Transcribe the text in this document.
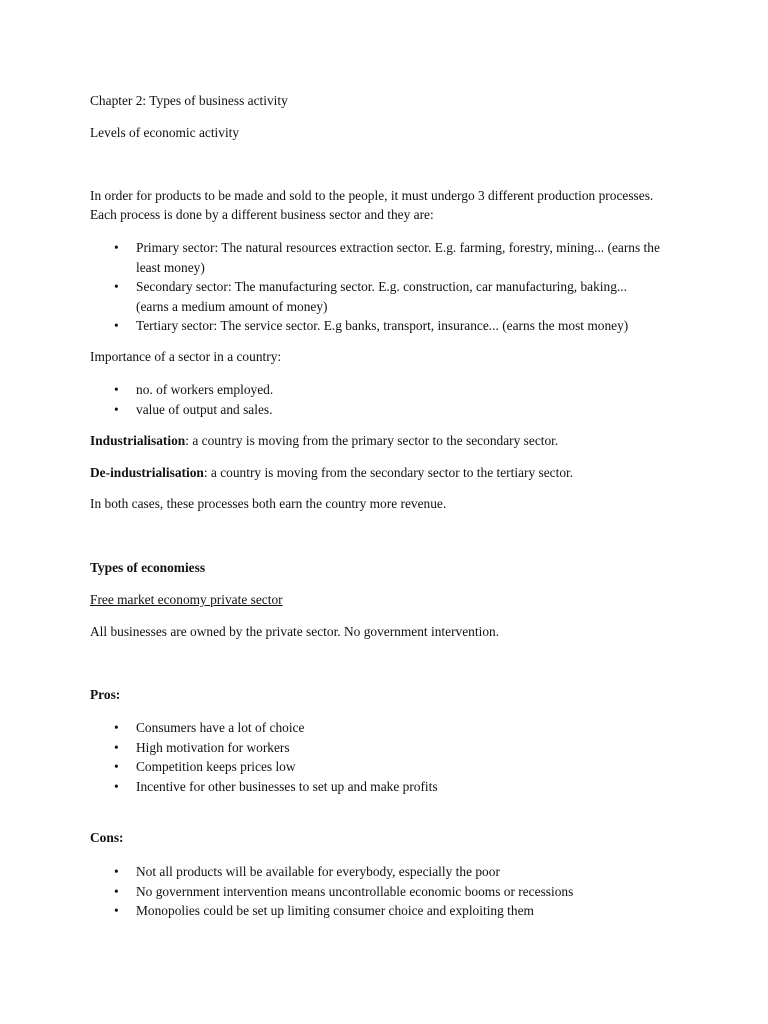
Chapter 2: Types of business activity
Levels of economic activity
In order for products to be made and sold to the people, it must undergo 3 different production processes.
Each process is done by a different business sector and they are:
• Primary sector: The natural resources extraction sector. E.g. farming, forestry, mining... (earns the
least money)
• Secondary sector: The manufacturing sector. E.g. construction, car manufacturing, baking...
(earns a medium amount of money)
• Tertiary sector: The service sector. E.g banks, transport, insurance... (earns the most money)
Importance of a sector in a country:
• no. of workers employed.
• value of output and sales.
Industrialisation: a country is moving from the primary sector to the secondary sector.
De-industrialisation: a country is moving from the secondary sector to the tertiary sector.
In both cases, these processes both earn the country more revenue.
Types of economiess
Free market economy private sector
All businesses are owned by the private sector. No government intervention.
Pros:
• Consumers have a lot of choice
• High motivation for workers
• Competition keeps prices low
• Incentive for other businesses to set up and make profits
Cons:
• Not all products will be available for everybody, especially the poor
• No government intervention means uncontrollable economic booms or recessions
• Monopolies could be set up limiting consumer choice and exploiting them
